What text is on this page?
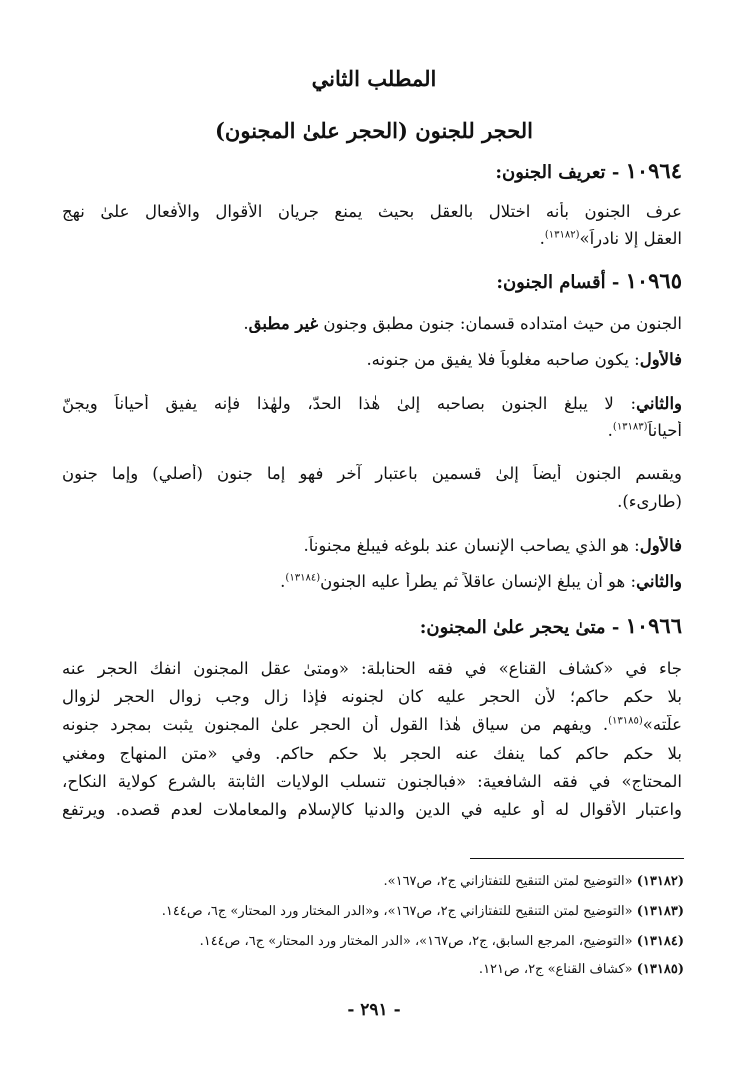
المطلب الثاني
الحجر للجنون (الحجر علىٰ المجنون)
١٠٩٦٤ - تعريف الجنون:
عرف الجنون بأنه اختلال بالعقل بحيث يمنع جريان الأقوال والأفعال علىٰ نهج
العقل إلا نادراً»$^{(١٣١٨٢)}$.
١٠٩٦٥ - أقسام الجنون:
الجنون من حيث امتداده قسمان: جنون مطبق وجنون غير مطبق.
فالأول: يكون صاحبه مغلوباً فلا يفيق من جنونه.
والثاني: لا يبلغ الجنون بصاحبه إلىٰ هٰذا الحدّ، ولهٰذا فإنه يفيق أحياناً ويجنّ
أحياناً$^{(١٣١٨٣)}$.
ويقسم الجنون أيضاً إلىٰ قسمين باعتبار آخر فهو إما جنون (أصلي) وإما جنون
(طارىء).
فالأول: هو الذي يصاحب الإنسان عند بلوغه فيبلغ مجنوناً.
والثاني: هو أن يبلغ الإنسان عاقلاً ثم يطرأ عليه الجنون$^{(١٣١٨٤)}$.
١٠٩٦٦ - متىٰ يحجر علىٰ المجنون:
جاء في «كشاف القناع» في فقه الحنابلة: «ومتىٰ عقل المجنون انفك الحجر عنه
بلا حكم حاكم؛ لأن الحجر عليه كان لجنونه فإذا زال وجب زوال الحجر لزوال
علّته»$^{(١٣١٨٥)}$. ويفهم من سياق هٰذا القول أن الحجر علىٰ المجنون يثبت بمجرد جنونه
بلا حكم حاكم كما ينفك عنه الحجر بلا حكم حاكم. وفي «متن المنهاج ومغني
المحتاج» في فقه الشافعية: «فبالجنون تنسلب الولايات الثابتة بالشرع كولاية النكاح،
واعتبار الأقوال له أو عليه في الدين والدنيا كالإسلام والمعاملات لعدم قصده. ويرتفع
(١٣١٨٢) «التوضيح لمتن التنقيح للتفتازاني ج٢، ص١٦٧».
(١٣١٨٣) «التوضيح لمتن التنقيح للتفتازاني ج٢، ص١٦٧»، و«الدر المختار ورد المحتار» ج٦، ص١٤٤.
(١٣١٨٤) «التوضيح، المرجع السابق، ج٢، ص١٦٧»، «الدر المختار ورد المحتار» ج٦، ص١٤٤.
(١٣١٨٥) «كشاف القناع» ج٢، ص١٢١.
- ٢٩١ -
